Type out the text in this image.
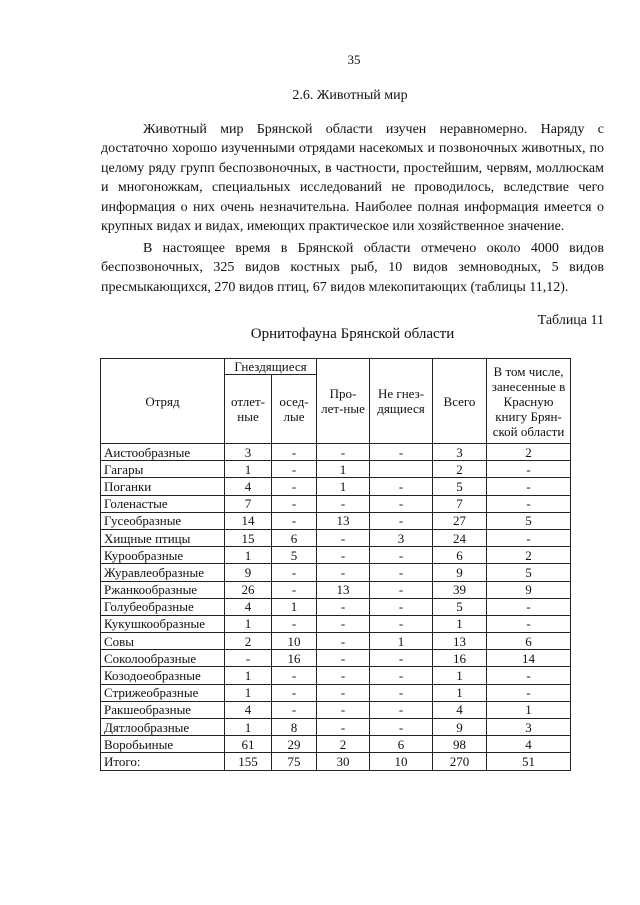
35
2.6. Животный мир

Животный мир Брянской области изучен неравномерно. Наряду с достаточно хорошо изученными отрядами насекомых и позвоночных животных, по целому ряду групп беспозвоночных, в частности, простейшим, червям, моллюскам и многоножкам, специальных исследований не проводилось, вследствие чего информация о них очень незначительна. Наиболее полная информация имеется о крупных видах и видах, имеющих практическое или хозяйственное значение.

В настоящее время в Брянской области отмечено около 4000 видов беспозвоночных, 325 видов костных рыб, 10 видов земноводных, 5 видов пресмыкающихся, 270 видов птиц, 67 видов млекопитающих (таблицы 11,12).

Таблица 11
Орнитофауна Брянской области
Отряд	Гнездящиеся		Про-лет-ные	Не гнез-дящиеся	Всего	В том числе, занесенные в Красную книгу Брян-ской области
	отлет-ные	осед-лые				
Аистообразные	3	-	-	-	3	2
Гагары	1	-	1		2	-
Поганки	4	-	1	-	5	-
Голенастые	7	-	-	-	7	-
Гусеобразные	14	-	13	-	27	5
Хищные птицы	15	6	-	3	24	-
Курообразные	1	5	-	-	6	2
Журавлеобразные	9	-	-	-	9	5
Ржанкообразные	26	-	13	-	39	9
Голубеобразные	4	1	-	-	5	-
Кукушкообразные	1	-	-	-	1	-
Совы	2	10	-	1	13	6
Соколообразные	-	16	-	-	16	14
Козодоеобразные	1	-	-	-	1	-
Стрижеобразные	1	-	-	-	1	-
Ракшеобразные	4	-	-	-	4	1
Дятлообразные	1	8	-	-	9	3
Воробьиные	61	29	2	6	98	4
Итого:	155	75	30	10	270	51
